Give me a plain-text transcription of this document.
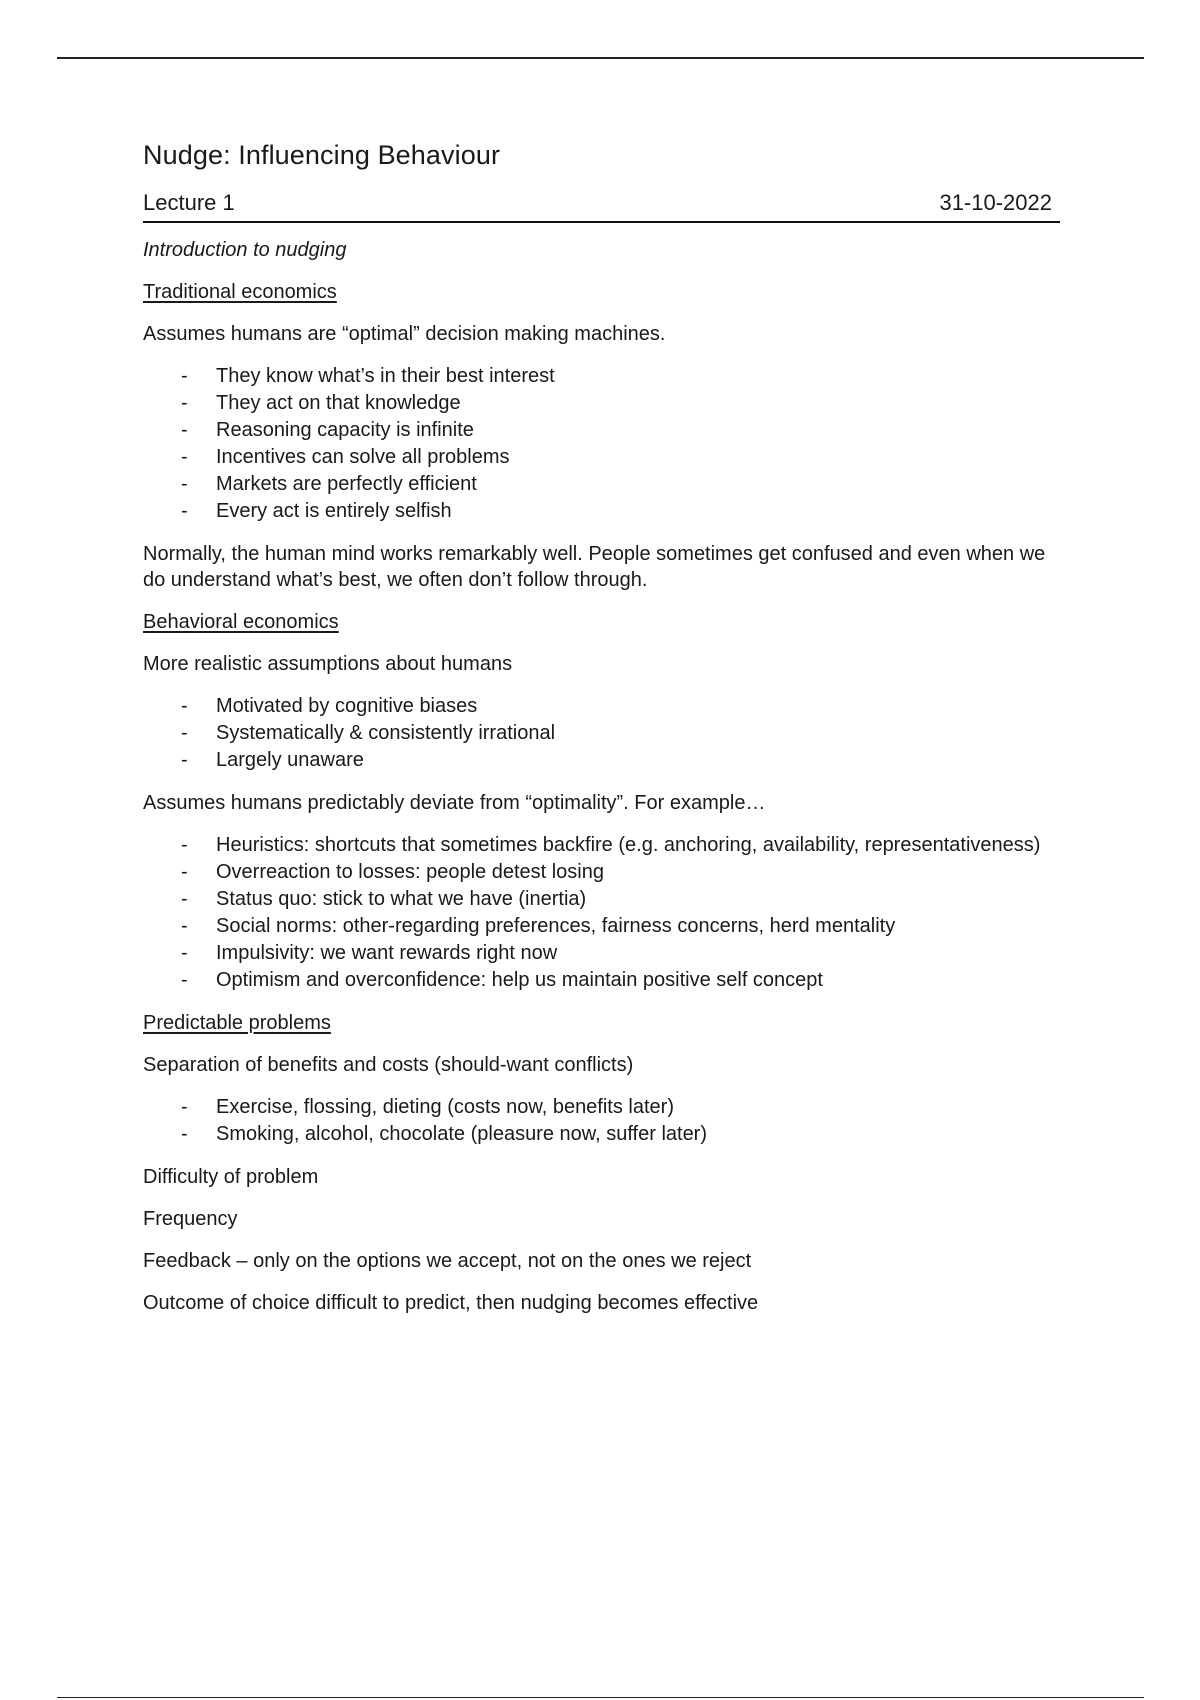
Nudge: Influencing Behaviour
Lecture 1	31-10-2022

Introduction to nudging

Traditional economics

Assumes humans are “optimal” decision making machines.

- They know what’s in their best interest
- They act on that knowledge
- Reasoning capacity is infinite
- Incentives can solve all problems
- Markets are perfectly efficient
- Every act is entirely selfish

Normally, the human mind works remarkably well. People sometimes get confused and even when we do understand what’s best, we often don’t follow through.

Behavioral economics

More realistic assumptions about humans

- Motivated by cognitive biases
- Systematically & consistently irrational
- Largely unaware

Assumes humans predictably deviate from “optimality”. For example…

- Heuristics: shortcuts that sometimes backfire (e.g. anchoring, availability, representativeness)
- Overreaction to losses: people detest losing
- Status quo: stick to what we have (inertia)
- Social norms: other-regarding preferences, fairness concerns, herd mentality
- Impulsivity: we want rewards right now
- Optimism and overconfidence: help us maintain positive self concept

Predictable problems

Separation of benefits and costs (should-want conflicts)

- Exercise, flossing, dieting (costs now, benefits later)
- Smoking, alcohol, chocolate (pleasure now, suffer later)

Difficulty of problem

Frequency

Feedback – only on the options we accept, not on the ones we reject

Outcome of choice difficult to predict, then nudging becomes effective
